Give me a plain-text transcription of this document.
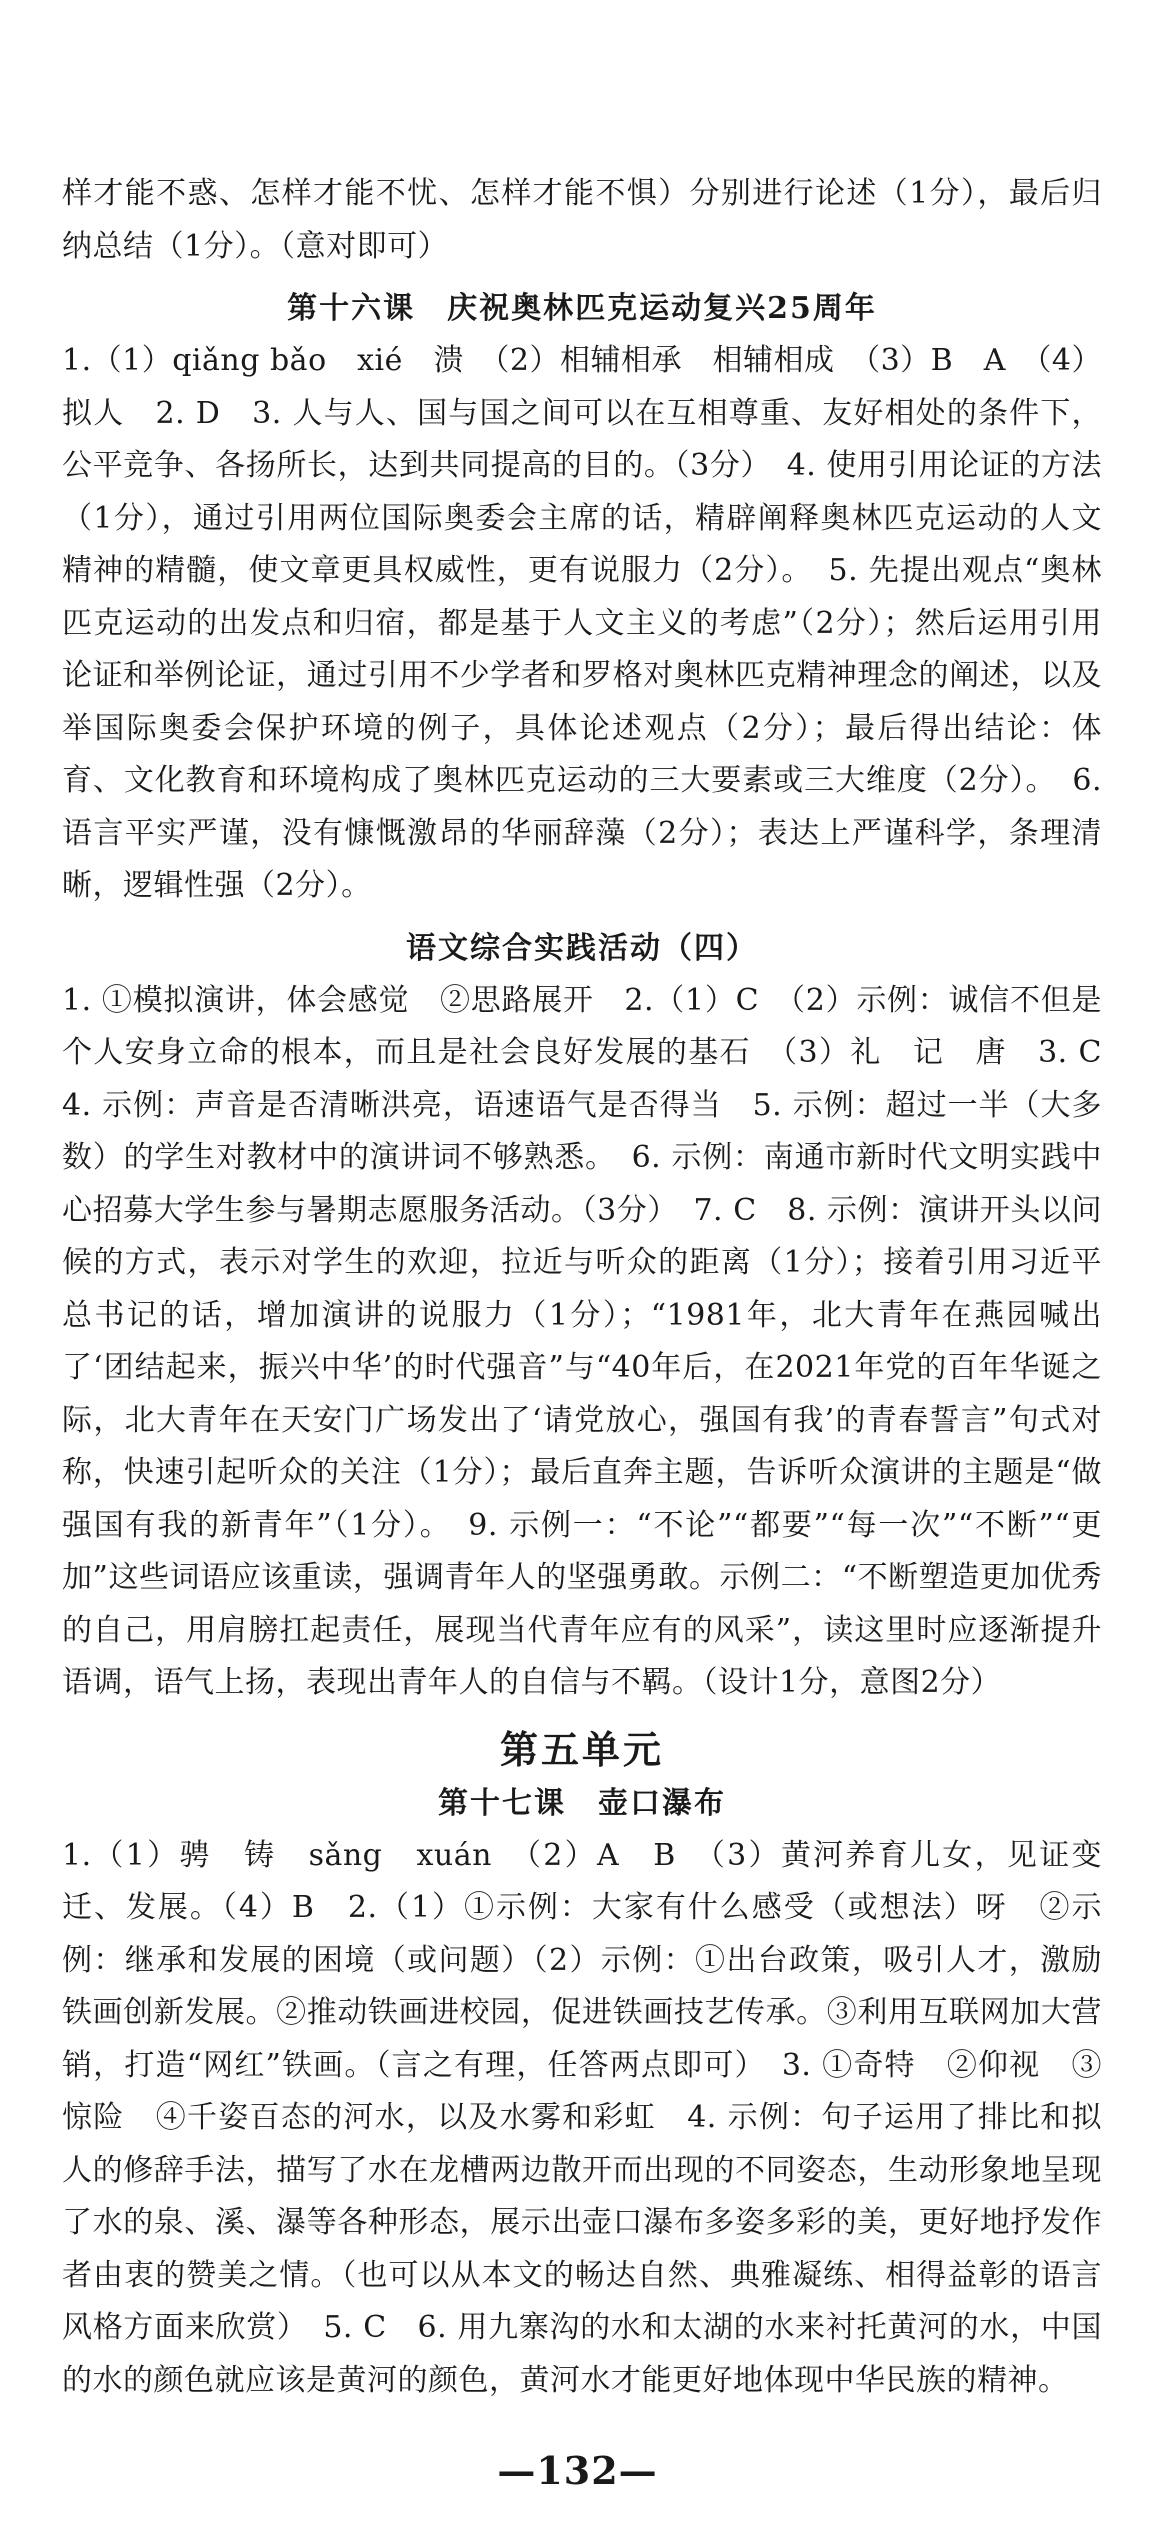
样才能不惑、怎样才能不忧、怎样才能不惧）分别进行论述（1分），最后归纳总结（1分）。（意对即可）

第十六课　庆祝奥林匹克运动复兴25周年

1.（1）qiǎng bǎo　xié　溃　（2）相辅相承　相辅相成　（3）B　A　（4）拟人　2. D　3. 人与人、国与国之间可以在互相尊重、友好相处的条件下，公平竞争、各扬所长，达到共同提高的目的。（3分）　4. 使用引用论证的方法（1分），通过引用两位国际奥委会主席的话，精辟阐释奥林匹克运动的人文精神的精髓，使文章更具权威性，更有说服力（2分）。　5. 先提出观点“奥林匹克运动的出发点和归宿，都是基于人文主义的考虑”（2分）；然后运用引用论证和举例论证，通过引用不少学者和罗格对奥林匹克精神理念的阐述，以及举国际奥委会保护环境的例子，具体论述观点（2分）；最后得出结论：体育、文化教育和环境构成了奥林匹克运动的三大要素或三大维度（2分）。　6. 语言平实严谨，没有慷慨激昂的华丽辞藻（2分）；表达上严谨科学，条理清晰，逻辑性强（2分）。

语文综合实践活动（四）

1. ①模拟演讲，体会感觉　②思路展开　2.（1）C　（2）示例：诚信不但是个人安身立命的根本，而且是社会良好发展的基石　（3）礼　记　唐　3. C　4. 示例：声音是否清晰洪亮，语速语气是否得当　5. 示例：超过一半（大多数）的学生对教材中的演讲词不够熟悉。　6. 示例：南通市新时代文明实践中心招募大学生参与暑期志愿服务活动。（3分）　7. C　8. 示例：演讲开头以问候的方式，表示对学生的欢迎，拉近与听众的距离（1分）；接着引用习近平总书记的话，增加演讲的说服力（1分）；“1981年，北大青年在燕园喊出了‘团结起来，振兴中华’的时代强音”与“40年后，在2021年党的百年华诞之际，北大青年在天安门广场发出了‘请党放心，强国有我’的青春誓言”句式对称，快速引起听众的关注（1分）；最后直奔主题，告诉听众演讲的主题是“做强国有我的新青年”（1分）。　9. 示例一：“不论”“都要”“每一次”“不断”“更加”这些词语应该重读，强调青年人的坚强勇敢。示例二：“不断塑造更加优秀的自己，用肩膀扛起责任，展现当代青年应有的风采”，读这里时应逐渐提升语调，语气上扬，表现出青年人的自信与不羁。（设计1分，意图2分）

第五单元
第十七课　壶口瀑布

1.（1）骋　铸　sǎng　xuán　（2）A　B　（3）黄河养育儿女，见证变迁、发展。（4）B　2.（1）①示例：大家有什么感受（或想法）呀　②示例：继承和发展的困境（或问题）（2）示例：①出台政策，吸引人才，激励铁画创新发展。②推动铁画进校园，促进铁画技艺传承。③利用互联网加大营销，打造“网红”铁画。（言之有理，任答两点即可）　3. ①奇特　②仰视　③惊险　④千姿百态的河水，以及水雾和彩虹　4. 示例：句子运用了排比和拟人的修辞手法，描写了水在龙槽两边散开而出现的不同姿态，生动形象地呈现了水的泉、溪、瀑等各种形态，展示出壶口瀑布多姿多彩的美，更好地抒发作者由衷的赞美之情。（也可以从本文的畅达自然、典雅凝练、相得益彰的语言风格方面来欣赏）　5. C　6. 用九寨沟的水和太湖的水来衬托黄河的水，中国的水的颜色就应该是黄河的颜色，黄河水才能更好地体现中华民族的精神。

—132—
